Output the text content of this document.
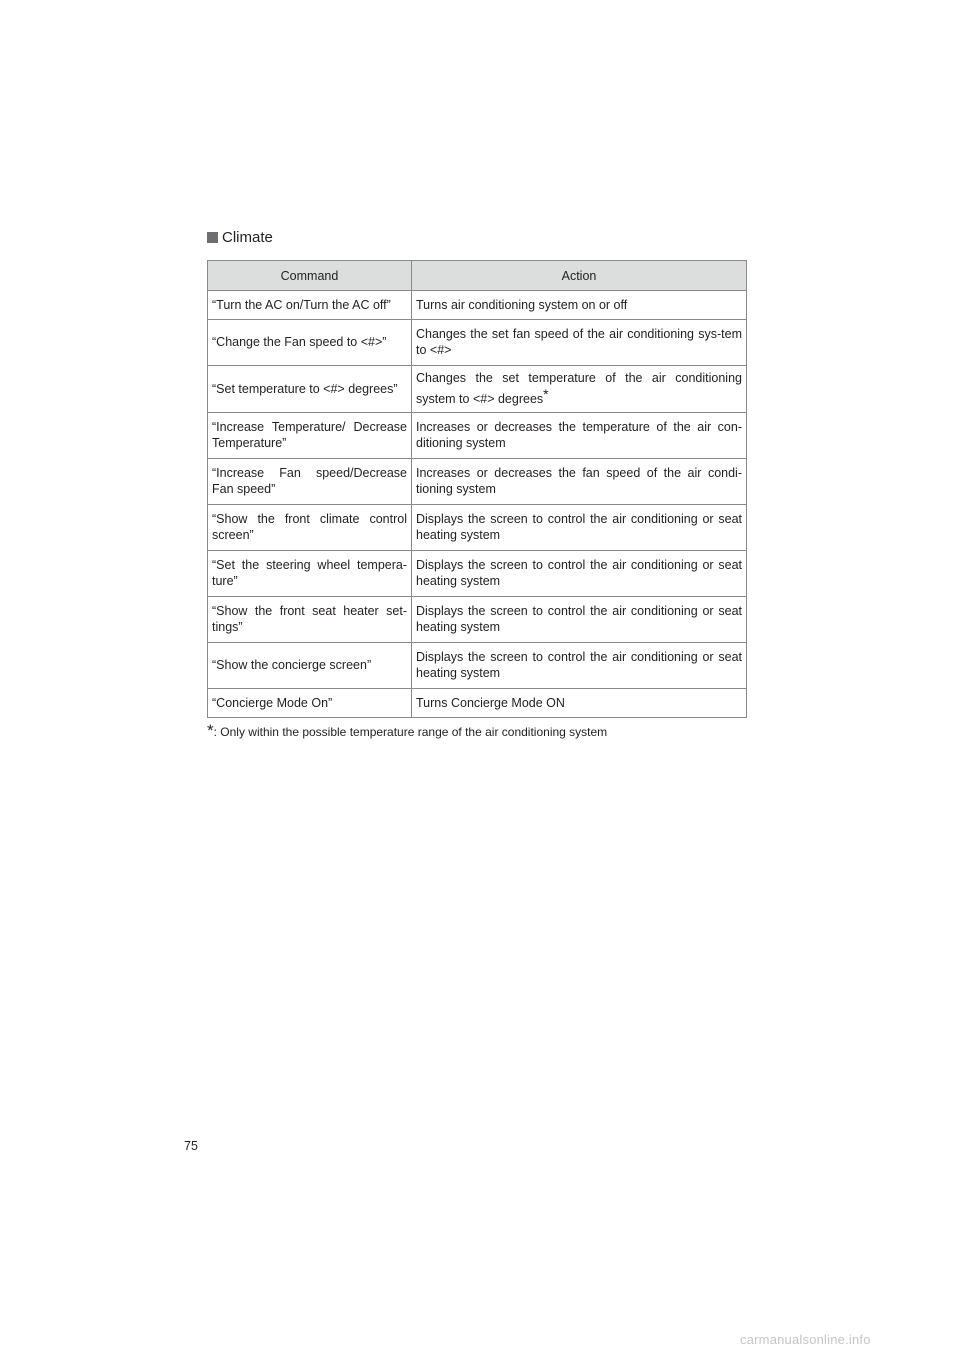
Climate
Command	Action
“Turn the AC on/Turn the AC off”	Turns air conditioning system on or off
“Change the Fan speed to <#>”	Changes the set fan speed of the air conditioning sys-tem to <#>
“Set temperature to <#> degrees”	Changes the set temperature of the air conditioning system to <#> degrees*
“Increase Temperature/ Decrease Temperature”	Increases or decreases the temperature of the air con-ditioning system
“Increase Fan speed/Decrease Fan speed”	Increases or decreases the fan speed of the air condi-tioning system
“Show the front climate control screen”	Displays the screen to control the air conditioning or seat heating system
“Set the steering wheel tempera-ture”	Displays the screen to control the air conditioning or seat heating system
“Show the front seat heater set-tings”	Displays the screen to control the air conditioning or seat heating system
“Show the concierge screen”	Displays the screen to control the air conditioning or seat heating system
“Concierge Mode On”	Turns Concierge Mode ON
*: Only within the possible temperature range of the air conditioning system
75
carmanualsonline.info
